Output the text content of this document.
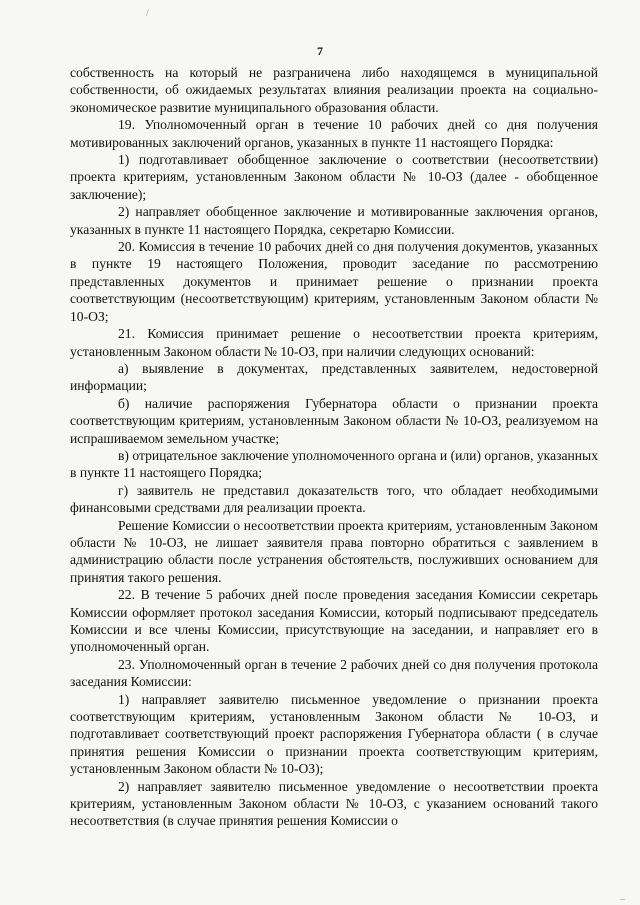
7

собственность на который не разграничена либо находящемся в муниципальной собственности, об ожидаемых результатах влияния реализации проекта на социально-экономическое развитие муниципального образования области.

19. Уполномоченный орган в течение 10 рабочих дней со дня получения мотивированных заключений органов, указанных в пункте 11 настоящего Порядка:

1) подготавливает обобщенное заключение о соответствии (несоответствии) проекта критериям, установленным Законом области № 10-ОЗ (далее - обобщенное заключение);

2) направляет обобщенное заключение и мотивированные заключения органов, указанных в пункте 11 настоящего Порядка, секретарю Комиссии.

20. Комиссия в течение 10 рабочих дней со дня получения документов, указанных в пункте 19 настоящего Положения, проводит заседание по рассмотрению представленных документов и принимает решение о признании проекта соответствующим (несоответствующим) критериям, установленным Законом области № 10-ОЗ;

21. Комиссия принимает решение о несоответствии проекта критериям, установленным Законом области № 10-ОЗ, при наличии следующих оснований:

а) выявление в документах, представленных заявителем, недостоверной информации;

б) наличие распоряжения Губернатора области о признании проекта соответствующим критериям, установленным Законом области № 10-ОЗ, реализуемом на испрашиваемом земельном участке;

в) отрицательное заключение уполномоченного органа и (или) органов, указанных в пункте 11 настоящего Порядка;

г) заявитель не представил доказательств того, что обладает необходимыми финансовыми средствами для реализации проекта.

Решение Комиссии о несоответствии проекта критериям, установленным Законом области № 10-ОЗ, не лишает заявителя права повторно обратиться с заявлением в администрацию области после устранения обстоятельств, послуживших основанием для принятия такого решения.

22. В течение 5 рабочих дней после проведения заседания Комиссии секретарь Комиссии оформляет протокол заседания Комиссии, который подписывают председатель Комиссии и все члены Комиссии, присутствующие на заседании, и направляет его в уполномоченный орган.

23. Уполномоченный орган в течение 2 рабочих дней со дня получения протокола заседания Комиссии:

1) направляет заявителю письменное уведомление о признании проекта соответствующим критериям, установленным Законом области № 10-ОЗ, и подготавливает соответствующий проект распоряжения Губернатора области ( в случае принятия решения Комиссии о признании проекта соответствующим критериям, установленным Законом области № 10-ОЗ);

2) направляет заявителю письменное уведомление о несоответствии проекта критериям, установленным Законом области № 10-ОЗ, с указанием оснований такого несоответствия (в случае принятия решения Комиссии о

/
_
